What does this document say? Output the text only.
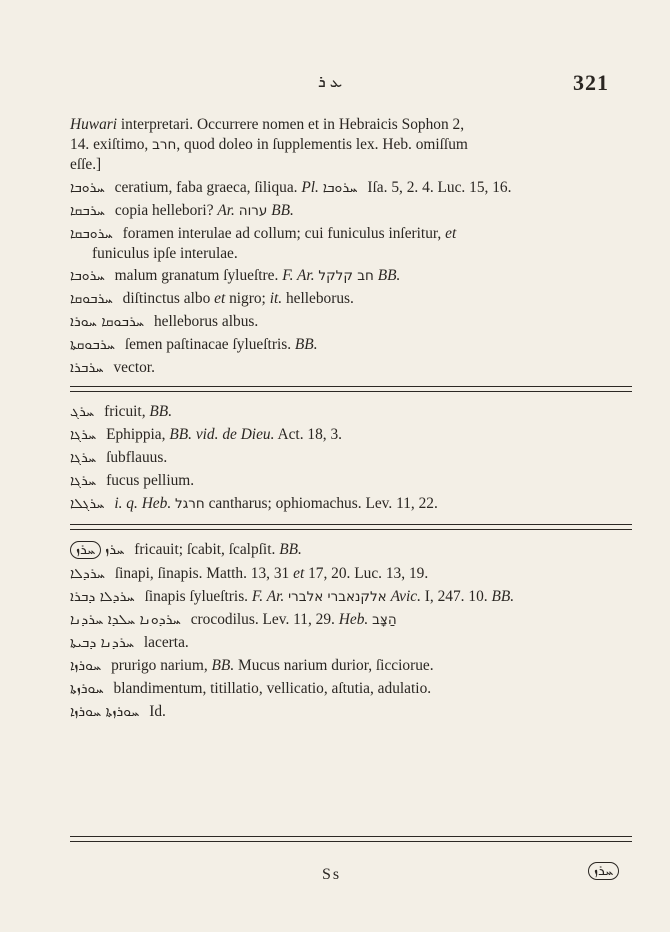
ܥ ܪ	321
Huwari interpretari. Occurrere nomen et in Hebraicis Sophon 2,
14. exiſtimo, חרב, quod doleo in ſupplementis lex. Heb. omiſſum
eſſe.]
ܚܪܘܒܐ ceratium, faba graeca, ſiliqua. Pl. ܚܪܘܒܐ Iſa. 5, 2. 4. Luc. 15, 16.
ܚܪܒܩܐ copia hellebori? Ar. ערוה BB.
ܚܪܘܒܩܐ foramen interulae ad collum; cui funiculus inſeritur, et
funiculus ipſe interulae.
ܚܪܘܒܐ malum granatum ſylueſtre. F. Ar. חב קלקל BB.
ܚܪܒܘܩܐ diſtinctus albo et nigro; it. helleborus.
ܚܪܒܘܩܐ ܚܘܪܐ helleborus albus.
ܚܪܒܘܩܬܐ ſemen paſtinacae ſylueſtris. BB.
ܚܪܒܪܐ vector.
ܚܪܓ fricuit, BB.
ܚܪܓܐ Ephippia, BB. vid. de Dieu. Act. 18, 3.
ܚܪܓܐ ſubflauus.
ܚܪܓܐ fucus pellium.
ܚܪܓܠܐ i. q. Heb. חרגל cantharus; ophiomachus. Lev. 11, 22.
ܚܪܙ ܚܪܙ fricauit; ſcabit, ſcalpſit. BB.
ܚܪܕܠܐ ſinapi, ſinapis. Matth. 13, 31 et 17, 20. Luc. 13, 19.
ܚܪܕܠܐ ܕܒܪܐ ſinapis ſylueſtris. F. Ar. אלקנאברי אלברי Avic. I, 247. 10. BB.
ܚܪܕܘܢܐ ܚܠܕܐ ܚܪܕܢܐ crocodilus. Lev. 11, 29. Heb. הַצָּב
ܚܪܕܢܐ ܕܒܝܬܐ lacerta.
ܚܘܪܙܐ prurigo narium, BB. Mucus narium durior, ſicciorue.
ܚܘܪܙܬܐ blandimentum, titillatio, vellicatio, aſtutia, adulatio.
ܚܘܪܙܬܐ ܚܘܪܙܐ Id.
Ss	ܚܪܙ
